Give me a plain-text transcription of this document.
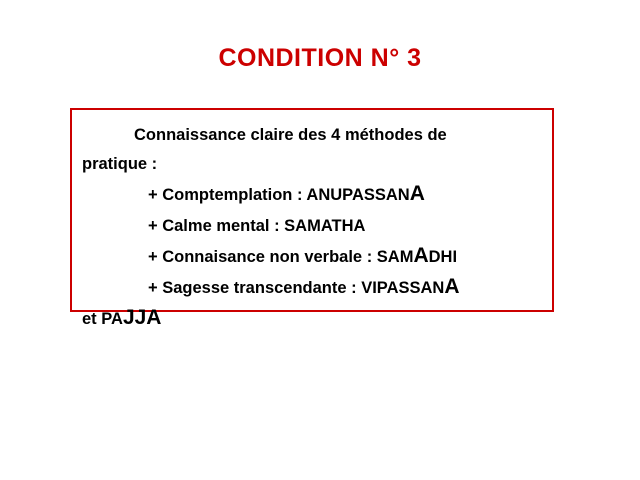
CONDITION N° 3
Connaissance claire des 4 méthodes de
pratique :
+ Comptemplation : ANUPASSANA
+ Calme mental : SAMATHA
+ Connaisance non verbale : SAMADHI
+ Sagesse transcendante : VIPASSANA
et PAJJA
